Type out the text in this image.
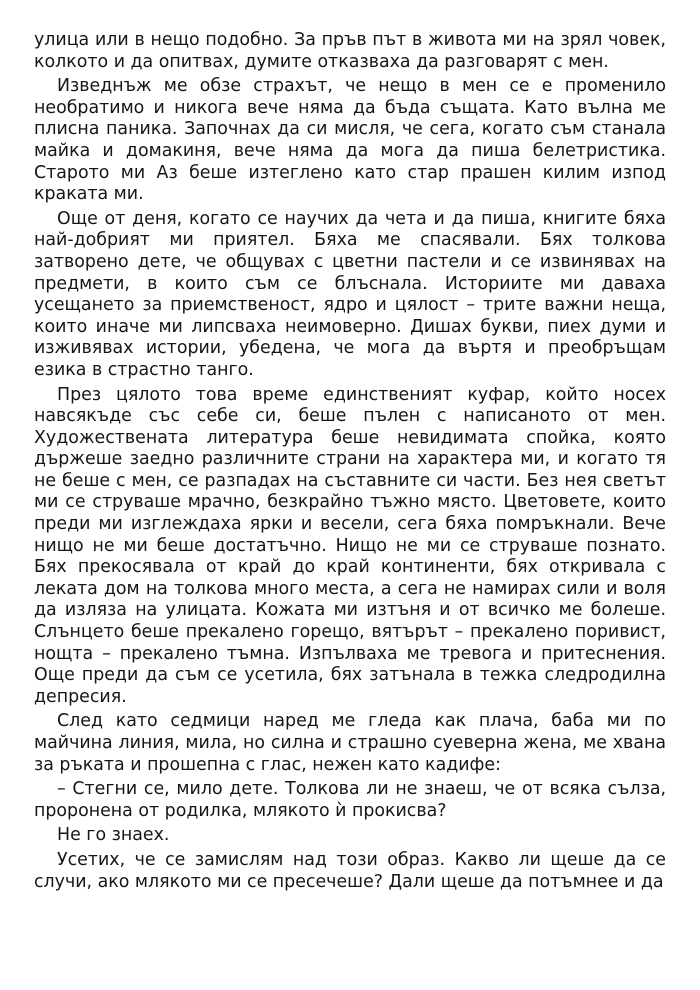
улица или в нещо подобно. За пръв път в живота ми на зрял човек, колкото и да опитвах, думите отказваха да разговарят с мен.

Изведнъж ме обзе страхът, че нещо в мен се е променило необратимо и никога вече няма да бъда същата. Като вълна ме плисна паника. Започнах да си мисля, че сега, когато съм станала майка и домакиня, вече няма да мога да пиша белетристика. Старото ми Аз беше изтеглено като стар прашен килим изпод краката ми.

Още от деня, когато се научих да чета и да пиша, книгите бяха най-добрият ми приятел. Бяха ме спасявали. Бях толкова затворено дете, че общувах с цветни пастели и се извинявах на предмети, в които съм се блъснала. Историите ми даваха усещането за приемственост, ядро и цялост – трите важни неща, които иначе ми липсваха неимоверно. Дишах букви, пиех думи и изживявах истории, убедена, че мога да въртя и преобръщам езика в страстно танго.

През цялото това време единственият куфар, който носех навсякъде със себе си, беше пълен с написаното от мен. Художествената литература беше невидимата спойка, която държеше заедно различните страни на характера ми, и когато тя не беше с мен, се разпадах на съставните си части. Без нея светът ми се струваше мрачно, безкрайно тъжно място. Цветовете, които преди ми изглеждаха ярки и весели, сега бяха помръкнали. Вече нищо не ми беше достатъчно. Нищо не ми се струваше познато. Бях прекосявала от край до край континенти, бях откривала с леката дом на толкова много места, а сега не намирах сили и воля да изляза на улицата. Кожата ми изтъня и от всичко ме болеше. Слънцето беше прекалено горещо, вятърът – прекалено поривист, нощта – прекалено тъмна. Изпълваха ме тревога и притеснения. Още преди да съм се усетила, бях затънала в тежка следродилна депресия.

След като седмици наред ме гледа как плача, баба ми по майчина линия, мила, но силна и страшно суеверна жена, ме хвана за ръката и прошепна с глас, нежен като кадифе:

– Стегни се, мило дете. Толкова ли не знаеш, че от всяка сълза, проронена от родилка, млякото ѝ прокисва?

Не го знаех.

Усетих, че се замислям над този образ. Какво ли щеше да се случи, ако млякото ми се пресечеше? Дали щеше да потъмнее и да
